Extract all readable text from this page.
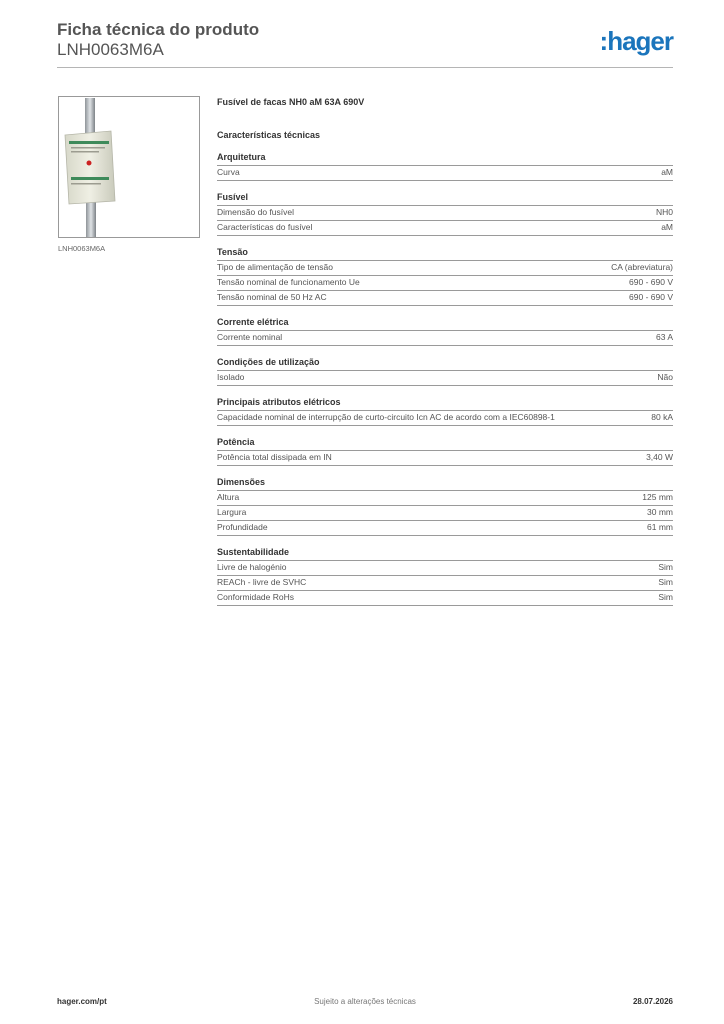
Ficha técnica do produto
LNH0063M6A	:hager
LNH0063M6A
Fusível de facas NH0 aM 63A 690V
Características técnicas
Arquitetura
Curva	aM
Fusível
Dimensão do fusível	NH0
Características do fusível	aM
Tensão
Tipo de alimentação de tensão	CA (abreviatura)
Tensão nominal de funcionamento Ue	690 - 690 V
Tensão nominal de 50 Hz AC	690 - 690 V
Corrente elétrica
Corrente nominal	63 A
Condições de utilização
Isolado	Não
Principais atributos elétricos
Capacidade nominal de interrupção de curto-circuito Icn AC de acordo com a IEC60898-1	80 kA
Potência
Potência total dissipada em IN	3,40 W
Dimensões
Altura	125 mm
Largura	30 mm
Profundidade	61 mm
Sustentabilidade
Livre de halogénio	Sim
REACh - livre de SVHC	Sim
Conformidade RoHs	Sim
Sujeito a alterações técnicas
hager.com/pt	28.07.2026
